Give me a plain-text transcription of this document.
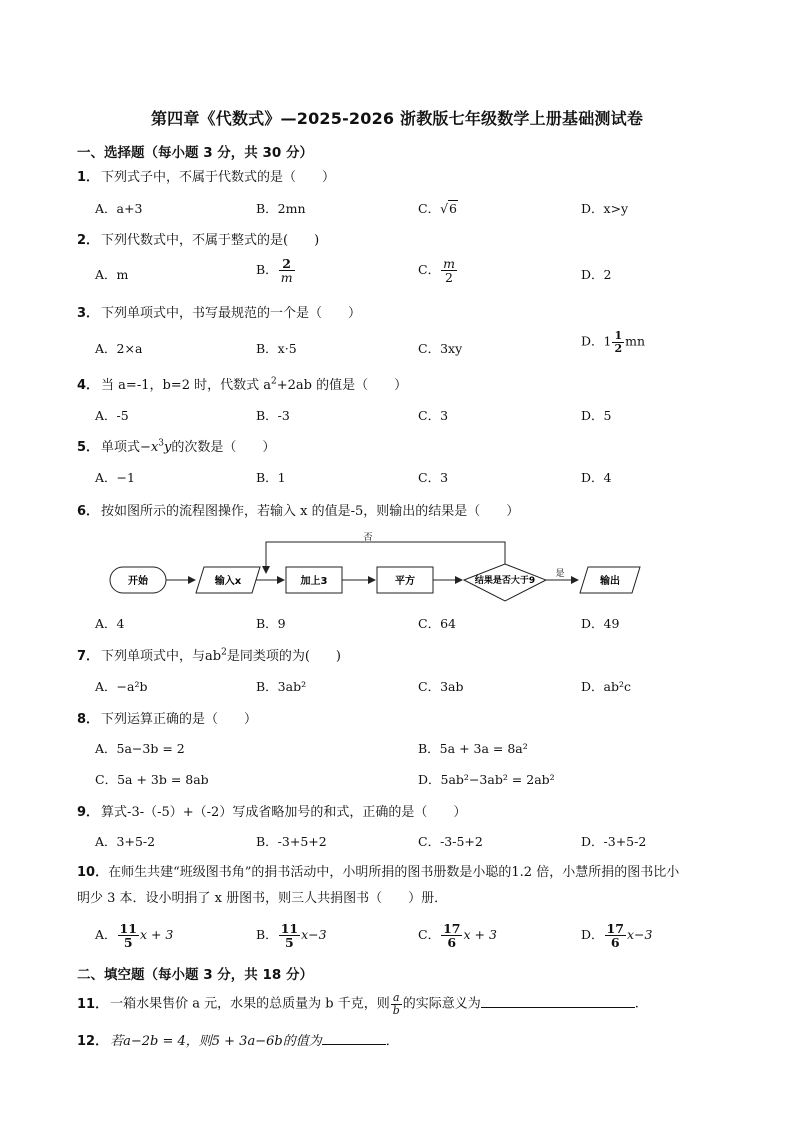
第四章《代数式》—2025-2026 浙教版七年级数学上册基础测试卷
一、选择题（每小题 3 分，共 30 分）
1． 下列式子中，不属于代数式的是（　　）
A．a+3	B．2mn	C．√6	D．x>y
2． 下列代数式中，不属于整式的是(　　)
A．m	B． $\frac{2}{m}$	C． $\frac{m}{2}$	D．2
3． 下列单项式中，书写最规范的一个是（　　）
A．2×a	B．x·5	C．3xy	D．$1 \frac{1}{2}$ mn
4． 当 a=-1，b=2 时，代数式 $a^2+2ab$ 的值是（　　）
A．-5	B．-3	C．3	D．5
5． 单项式$-x^3y$的次数是（　　）
A．−1	B．1	C．3	D．4
6． 按如图所示的流程图操作，若输入 x 的值是-5，则输出的结果是（　　）
否
开始	输入x	加上3	平方	结果是否大于9
是
输出
A．4	B．9	C．64	D．49
7． 下列单项式中，与$ab^2$是同类项的为(　　)
A．−a²b	B．3ab²	C．3ab	D．ab²c
8． 下列运算正确的是（　　）
A．5a−3b = 2	B．5a + 3a = 8a²
C．5a + 3b = 8ab	D．5ab²−3ab² = 2ab²
9． 算式-3-（-5）+（-2）写成省略加号的和式，正确的是（　　）
A．3+5-2	B．-3+5+2	C．-3-5+2	D．-3+5-2
10．在师生共建“班级图书角”的捐书活动中，小明所捐的图书册数是小聪的1.2 倍，小慧所捐的图书比小
明少 3 本．设小明捐了 x 册图书，则三人共捐图书（　　）册．
A． $\frac{11}{5}$ x + 3	B． $\frac{11}{5} x-3$	C． $\frac{17}{6}$ x + 3	D． $\frac{17}{6} x-3$
二、填空题（每小题 3 分，共 18 分）
11． 一箱水果售价 a 元，水果的总质量为 b 千克，则 $\frac{a}{b}$ 的实际意义为	.
12． 若a−2b = 4，则5 + 3a−6b的值为	．
